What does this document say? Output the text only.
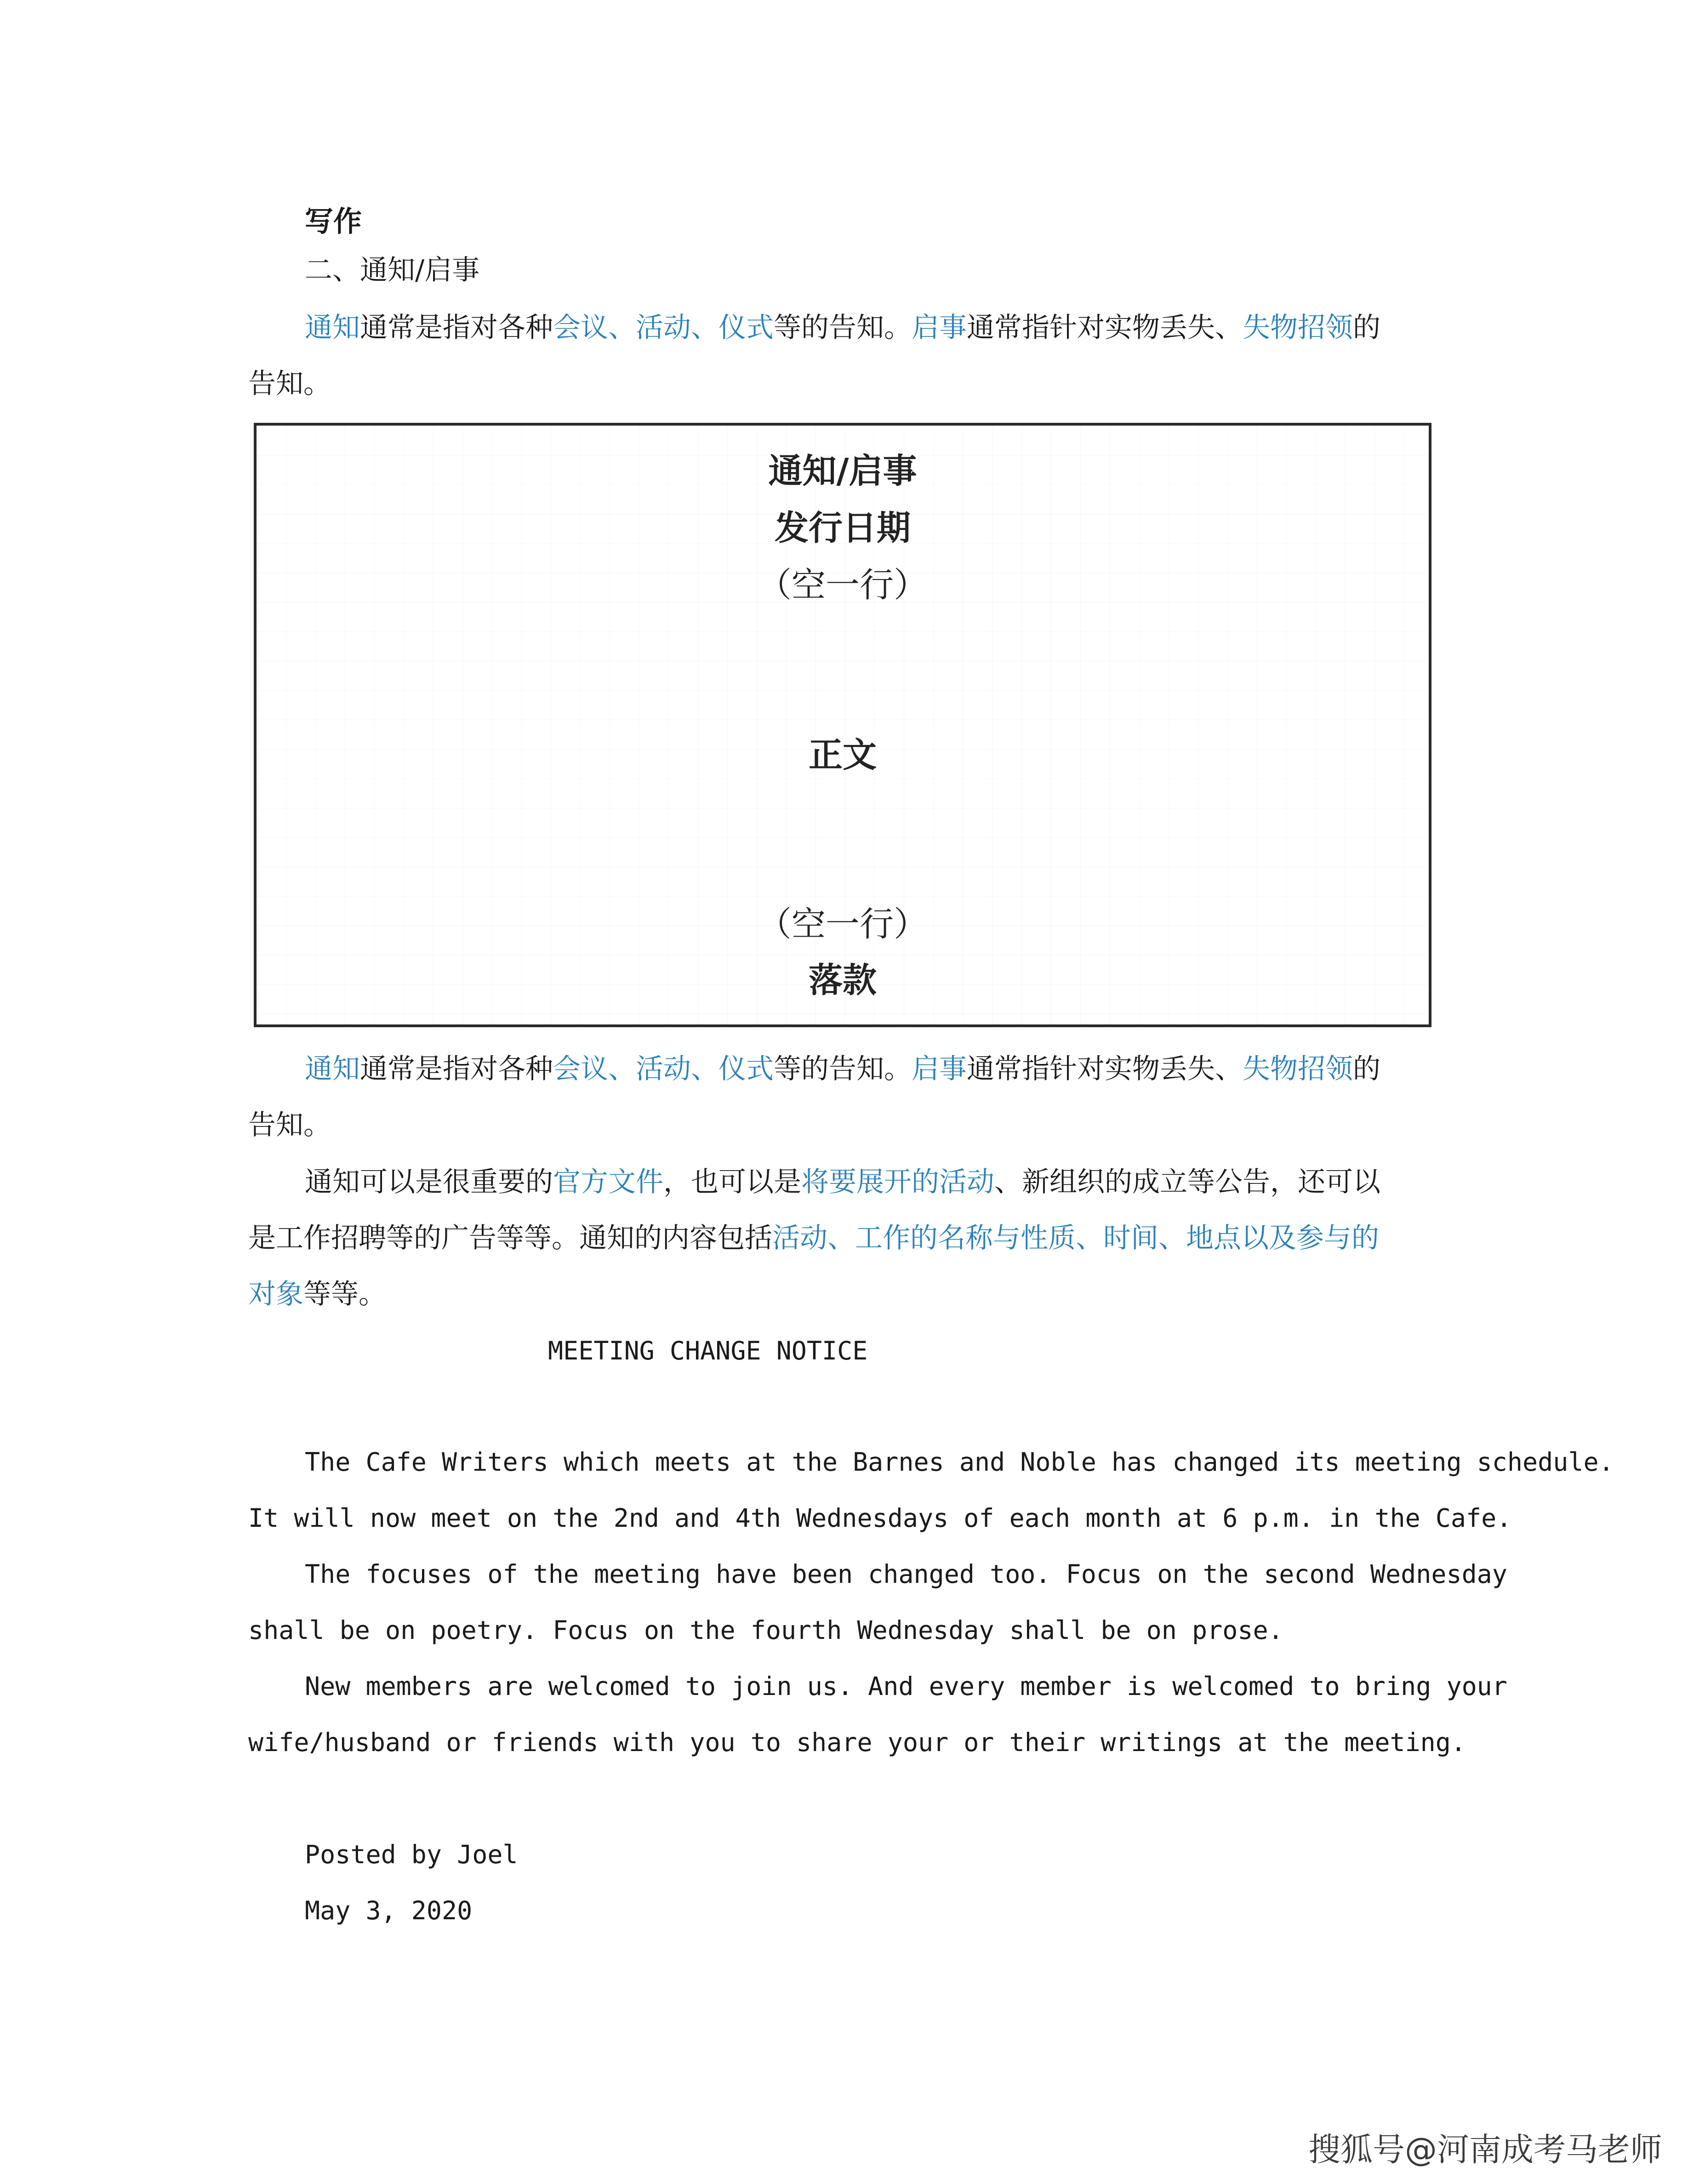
写作
二、通知/启事
通知通常是指对各种会议、活动、仪式等的告知。启事通常指针对实物丢失、失物招领的
告知。
通知/启事
发行日期
（空一行）
正文
（空一行）
落款
通知通常是指对各种会议、活动、仪式等的告知。启事通常指针对实物丢失、失物招领的
告知。
通知可以是很重要的官方文件，也可以是将要展开的活动、新组织的成立等公告，还可以
是工作招聘等的广告等等。通知的内容包括活动、工作的名称与性质、时间、地点以及参与的
对象等等。
MEETING CHANGE NOTICE
The Cafe Writers which meets at the Barnes and Noble has changed its meeting schedule.
It will now meet on the 2nd and 4th Wednesdays of each month at 6 p.m. in the Cafe.
The focuses of the meeting have been changed too. Focus on the second Wednesday
shall be on poetry. Focus on the fourth Wednesday shall be on prose.
New members are welcomed to join us. And every member is welcomed to bring your
wife/husband or friends with you to share your or their writings at the meeting.
Posted by Joel
May 3, 2020
搜狐号@河南成考马老师
